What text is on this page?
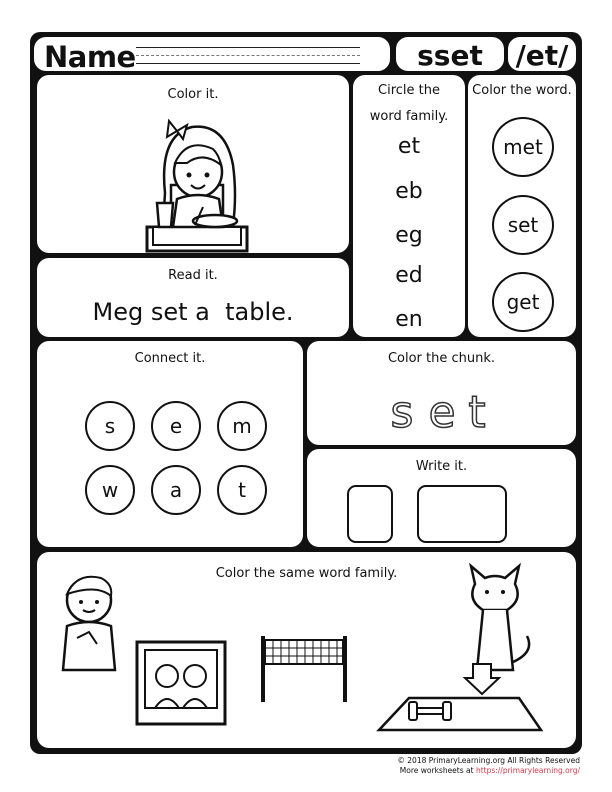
Name	sset	/et/
Color it.	Circle the
word family.
et
eb
eg
ed
en
Color the word.
met
set
get
Read it.
Meg set a  table.
Connect it.
s	e	m
w	a	t
Color the chunk.
s e t
Write it.
Color the same word family.
© 2018 PrimaryLearning.org All Rights Reserved
More worksheets at https://primarylearning.org/
